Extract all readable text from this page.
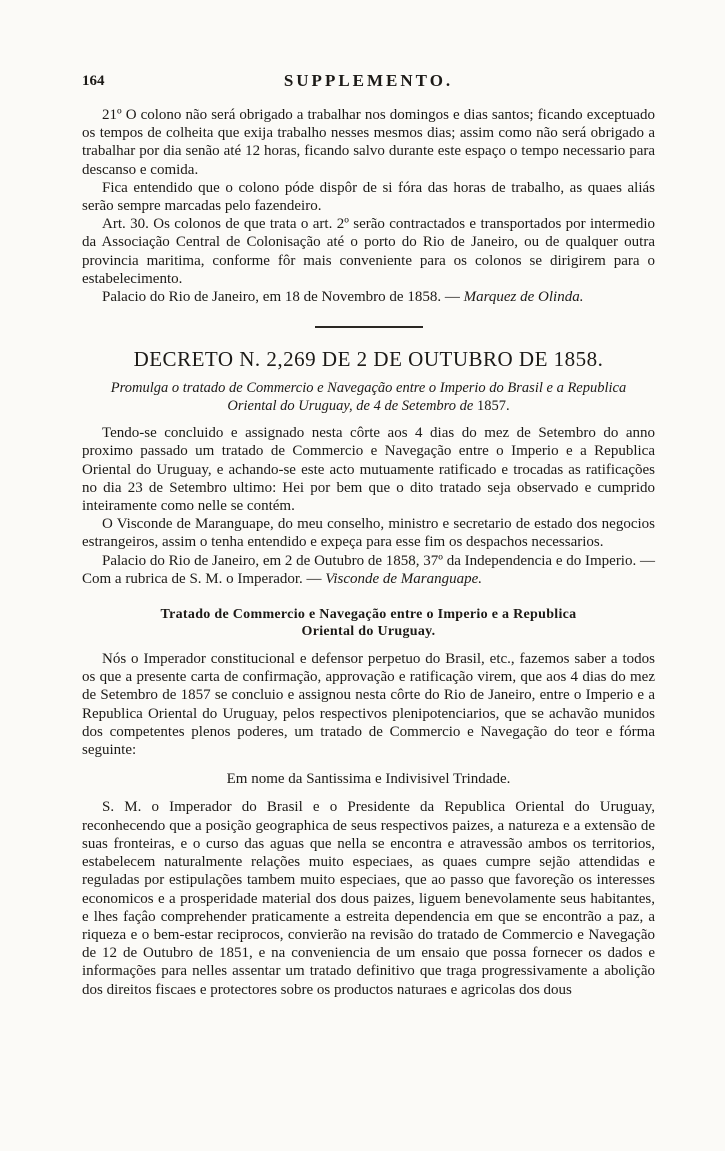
164	SUPPLEMENTO.

21º O colono não será obrigado a trabalhar nos domingos e dias santos; ficando exceptuado os tempos de colheita que exija trabalho nesses mesmos dias; assim como não será obrigado a trabalhar por dia senão até 12 horas, ficando salvo durante este espaço o tempo necessario para descanso e comida.

Fica entendido que o colono póde dispôr de si fóra das horas de trabalho, as quaes aliás serão sempre marcadas pelo fazendeiro.

Art. 30. Os colonos de que trata o art. 2º serão contractados e transportados por intermedio da Associação Central de Colonisação até o porto do Rio de Janeiro, ou de qualquer outra provincia maritima, conforme fôr mais conveniente para os colonos se dirigirem para o estabelecimento.

Palacio do Rio de Janeiro, em 18 de Novembro de 1858. — Marquez de Olinda.

DECRETO N. 2,269 DE 2 DE OUTUBRO DE 1858.
Promulga o tratado de Commercio e Navegação entre o Imperio do Brasil e a Republica Oriental do Uruguay, de 4 de Setembro de 1857.

Tendo-se concluido e assignado nesta côrte aos 4 dias do mez de Setembro do anno proximo passado um tratado de Commercio e Navegação entre o Imperio e a Republica Oriental do Uruguay, e achando-se este acto mutuamente ratificado e trocadas as ratificações no dia 23 de Setembro ultimo: Hei por bem que o dito tratado seja observado e cumprido inteiramente como nelle se contém.

O Visconde de Maranguape, do meu conselho, ministro e secretario de estado dos negocios estrangeiros, assim o tenha entendido e expeça para esse fim os despachos necessarios.

Palacio do Rio de Janeiro, em 2 de Outubro de 1858, 37º da Independencia e do Imperio. — Com a rubrica de S. M. o Imperador. — Visconde de Maranguape.

Tratado de Commercio e Navegação entre o Imperio e a Republica
Oriental do Uruguay.

Nós o Imperador constitucional e defensor perpetuo do Brasil, etc., fazemos saber a todos os que a presente carta de confirmação, approvação e ratificação virem, que aos 4 dias do mez de Setembro de 1857 se concluio e assignou nesta côrte do Rio de Janeiro, entre o Imperio e a Republica Oriental do Uruguay, pelos respectivos plenipotenciarios, que se achavão munidos dos competentes plenos poderes, um tratado de Commercio e Navegação do teor e fórma seguinte:

Em nome da Santissima e Indivisivel Trindade.

S. M. o Imperador do Brasil e o Presidente da Republica Oriental do Uruguay, reconhecendo que a posição geographica de seus respectivos paizes, a natureza e a extensão de suas fronteiras, e o curso das aguas que nella se encontra e atravessão ambos os territorios, estabelecem naturalmente relações muito especiaes, as quaes cumpre sejão attendidas e reguladas por estipulações tambem muito especiaes, que ao passo que favoreção os interesses economicos e a prosperidade material dos dous paizes, liguem benevolamente seus habitantes, e lhes façâo comprehender praticamente a estreita dependencia em que se encontrão a paz, a riqueza e o bem-estar reciprocos, convierão na revisão do tratado de Commercio e Navegação de 12 de Outubro de 1851, e na conveniencia de um ensaio que possa fornecer os dados e informações para nelles assentar um tratado definitivo que traga progressivamente a abolição dos direitos fiscaes e protectores sobre os productos naturaes e agricolas dos dous
